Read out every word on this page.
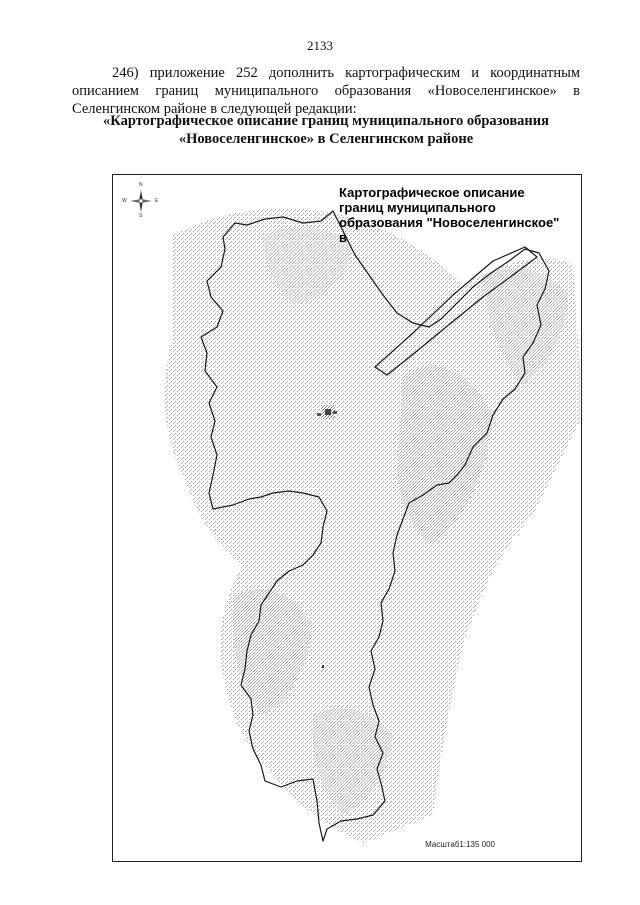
2133
246) приложение 252 дополнить картографическим и координатным описанием границ муниципального образования «Новоселенгинское» в Селенгинском районе в следующей редакции:
«Картографическое описание границ муниципального образования
«Новоселенгинское» в Селенгинском районе
N
S
W	E
Картографическое описание границ муниципального образования "Новоселенгинское" в
Масштаб1:135 000
